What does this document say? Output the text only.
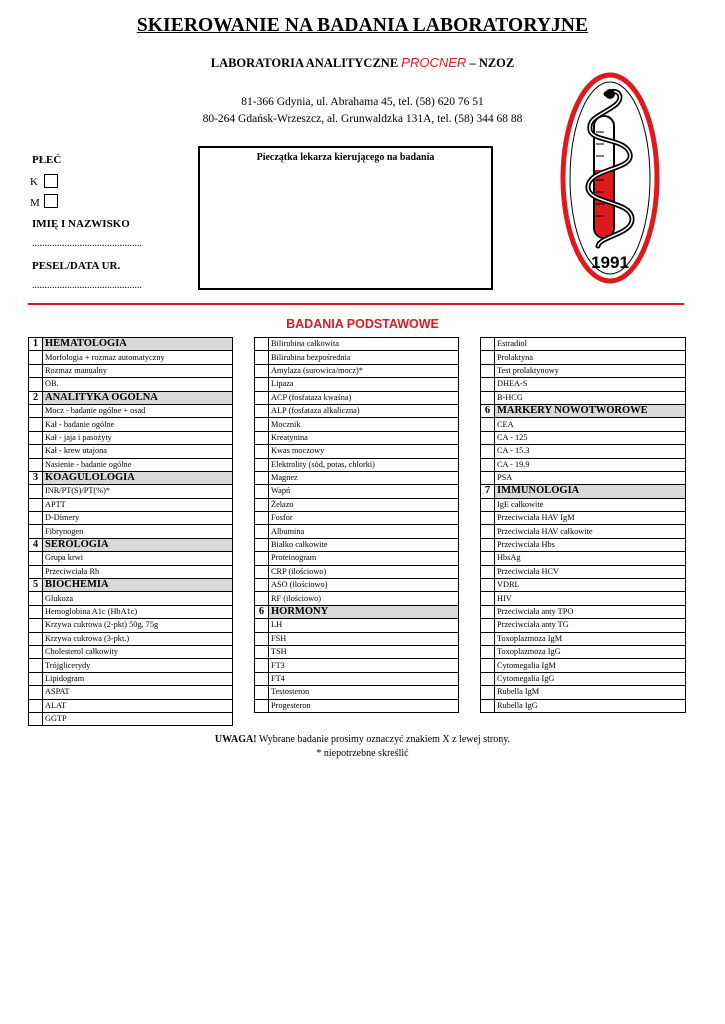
SKIEROWANIE NA BADANIA LABORATORYJNE
LABORATORIA ANALITYCZNE PROCNER – NZOZ
81-366 Gdynia, ul. Abrahama 45, tel. (58) 620 76 51
80-264 Gdańsk-Wrzeszcz, al. Grunwaldzka 131A, tel. (58) 344 68 88
1991
Pieczątka lekarza kierującego na badania
PŁEĆ
K
M
IMIĘ I NAZWISKO
............................................
PESEL/DATA UR.
............................................
BADANIA PODSTAWOWE
1	HEMATOLOGIA
	Morfologia + rozmaz automatyczny
	Rozmaz manualny
	OB.
2	ANALITYKA OGÓLNA
	Mocz - badanie ogólne + osad
	Kał - badanie ogólne
	Kał - jaja i pasożyty
	Kał - krew utajona
	Nasienie - badanie ogólne
3	KOAGULOLOGIA
	INR/PT(S)/PT(%)*
	APTT
	D-Dimery
	Fibrynogen
4	SEROLOGIA
	Grupa krwi
	Przeciwciała Rh
5	BIOCHEMIA
	Glukoza
	Hemoglobina A1c (HbA1c)
	Krzywa cukrowa (2-pkt) 50g, 75g
	Krzywa cukrowa (3-pkt.)
	Cholesterol całkowity
	Trójglicerydy
	Lipidogram
	ASPAT
	ALAT
	GGTP
	Bilirubina całkowita
	Bilirubina bezpośrednia
	Amylaza (surowica/mocz)*
	Lipaza
	ACP (fosfataza kwaśna)
	ALP (fosfataza alkaliczna)
	Mocznik
	Kreatynina
	Kwas moczowy
	Elektrolity (sód, potas, chlorki)
	Magnez
	Wapń
	Żelazo
	Fosfor
	Albumina
	Białko całkowite
	Proteinogram
	CRP (ilościowo)
	ASO (ilościowo)
	RF (ilościowo)
6	HORMONY
	LH
	FSH
	TSH
	FT3
	FT4
	Testosteron
	Progesteron
	Estradiol
	Prolaktyna
	Test prolaktynowy
	DHEA-S
	B-HCG
6	MARKERY NOWOTWOROWE
	CEA
	CA - 125
	CA - 15.3
	CA - 19.9
	PSA
7	IMMUNOLOGIA
	IgE całkowite
	Przeciwciała HAV IgM
	Przeciwciała HAV całkowite
	Przeciwciała Hbs
	HbsAg
	Przeciwciała HCV
	VDRL
	HIV
	Przeciwciała anty TPO
	Przeciwciała anty TG
	Toxoplazmoza IgM
	Toxoplazmoza IgG
	Cytomegalia IgM
	Cytomegalia IgG
	Rubella IgM
	Rubella IgG
UWAGA! Wybrane badanie prosimy oznaczyć znakiem X z lewej strony.
* niepotrzebne skreślić
